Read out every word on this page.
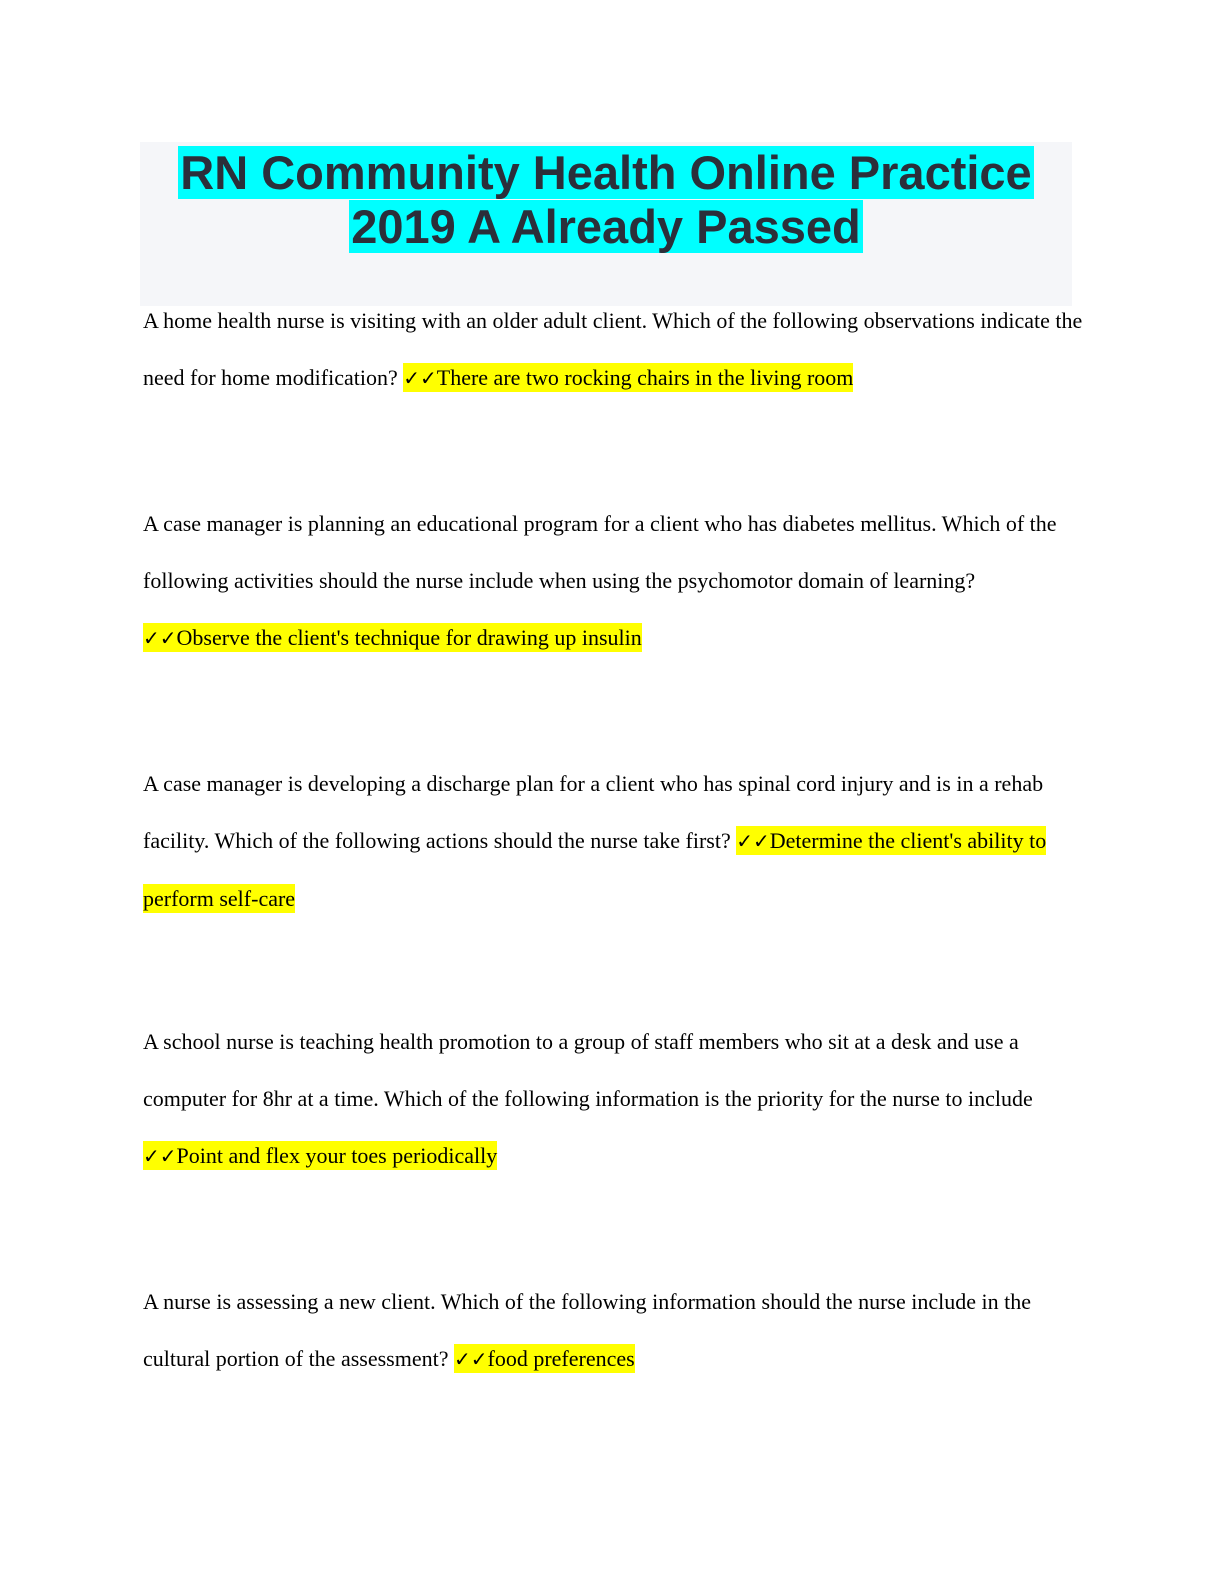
RN Community Health Online Practice
2019 A Already Passed

A home health nurse is visiting with an older adult client. Which of the following observations indicate the need for home modification? ✓✓There are two rocking chairs in the living room

A case manager is planning an educational program for a client who has diabetes mellitus. Which of the following activities should the nurse include when using the psychomotor domain of learning? ✓✓Observe the client's technique for drawing up insulin

A case manager is developing a discharge plan for a client who has spinal cord injury and is in a rehab facility. Which of the following actions should the nurse take first? ✓✓Determine the client's ability to perform self-care

A school nurse is teaching health promotion to a group of staff members who sit at a desk and use a computer for 8hr at a time. Which of the following information is the priority for the nurse to include ✓✓Point and flex your toes periodically

A nurse is assessing a new client. Which of the following information should the nurse include in the cultural portion of the assessment? ✓✓food preferences
